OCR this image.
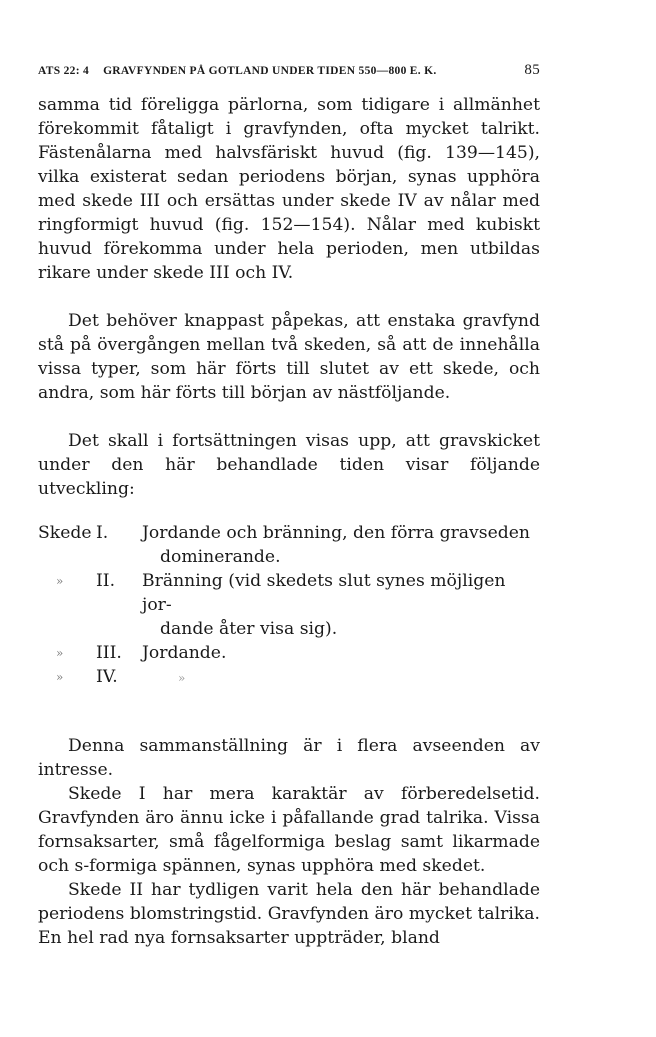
ATS 22: 4 GRAVFYNDEN PÅ GOTLAND UNDER TIDEN 550—800 E. K.	85

samma tid föreligga pärlorna, som tidigare i allmänhet förekommit fåtaligt i gravfynden, ofta mycket talrikt. Fästenålarna med halvsfäriskt huvud (fig. 139—145), vilka existerat sedan periodens början, synas upphöra med skede III och ersättas under skede IV av nålar med ringformigt huvud (fig. 152—154). Nålar med kubiskt huvud förekomma under hela perioden, men utbildas rikare under skede III och IV.

Det behöver knappast påpekas, att enstaka gravfynd stå på övergången mellan två skeden, så att de innehålla vissa typer, som här förts till slutet av ett skede, och andra, som här förts till början av nästföljande.

Det skall i fortsättningen visas upp, att gravskicket under den här behandlade tiden visar följande utveckling:

Skede I.	Jordande och bränning, den förra gravseden
dominerande.
»	II.	Bränning (vid skedets slut synes möjligen jor-
dande åter visa sig).
»	III.	Jordande.
»	IV.	»

Denna sammanställning är i flera avseenden av intresse.

Skede I har mera karaktär av förberedelsetid. Gravfynden äro ännu icke i påfallande grad talrika. Vissa fornsaksarter, små fågelformiga beslag samt likarmade och s-formiga spännen, synas upphöra med skedet.

Skede II har tydligen varit hela den här behandlade periodens blomstringstid. Gravfynden äro mycket talrika. En hel rad nya fornsaksarter uppträder, bland
